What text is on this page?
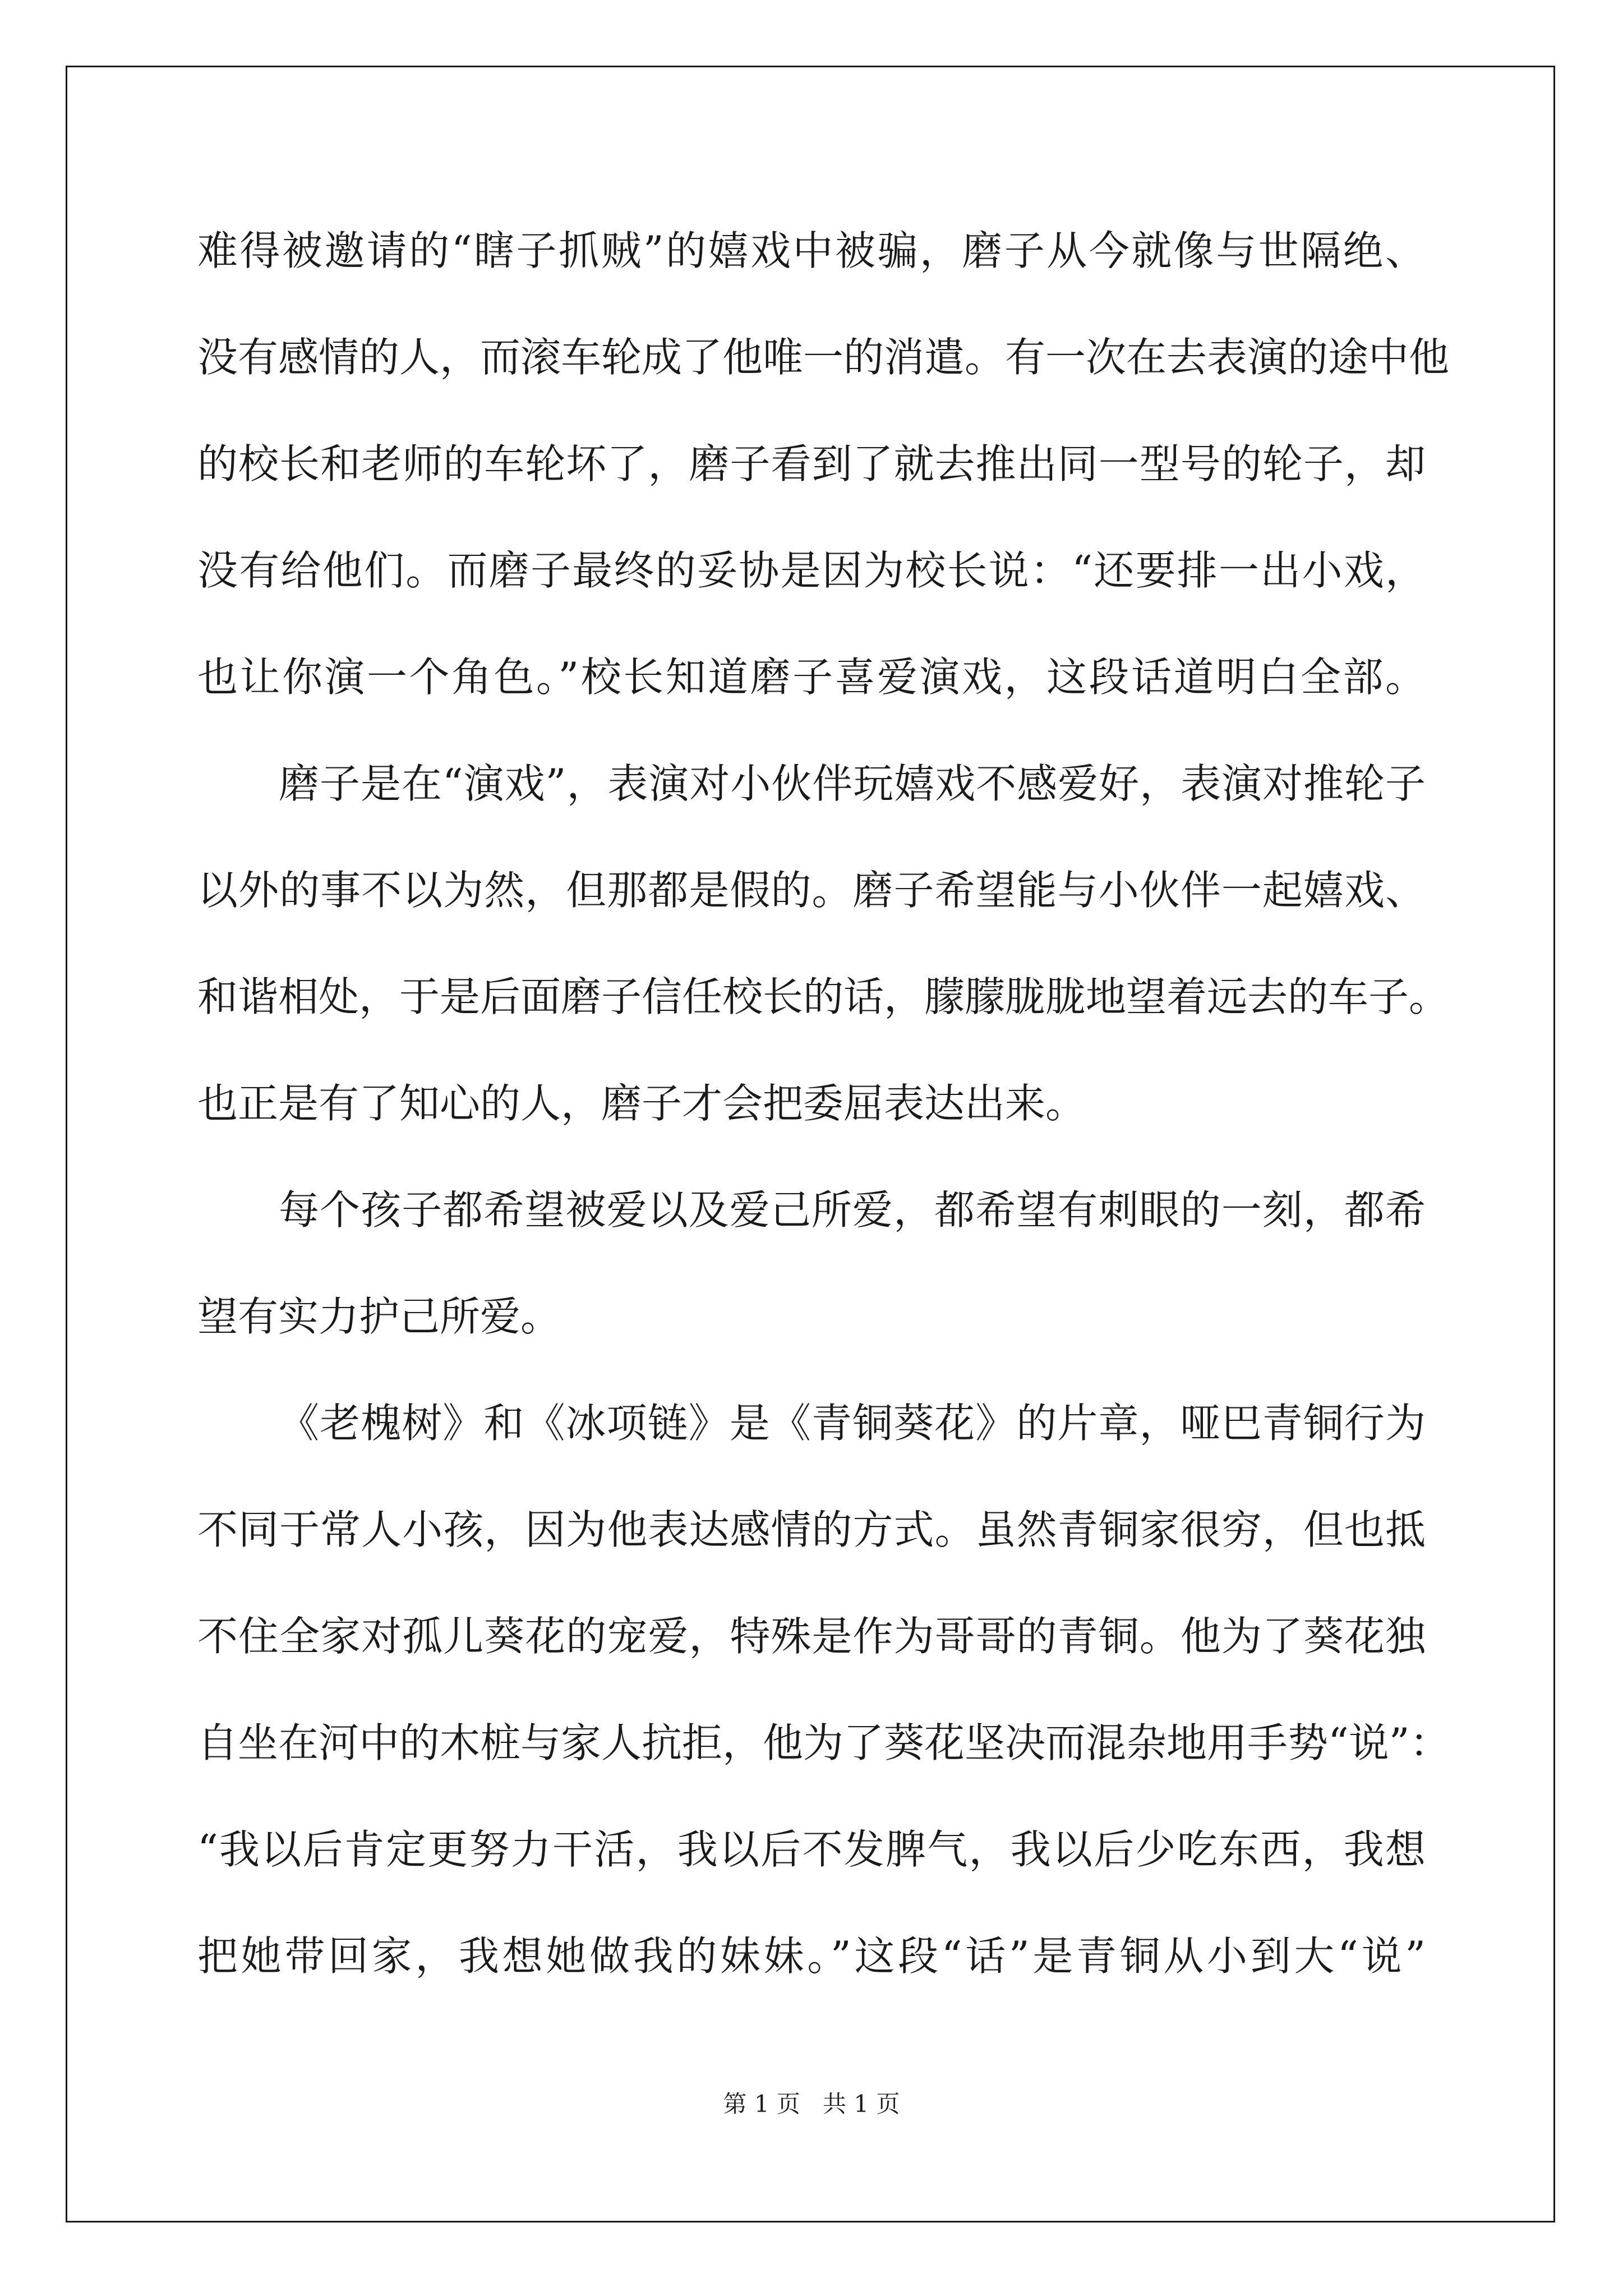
难得被邀请的“瞎子抓贼”的嬉戏中被骗，磨子从今就像与世隔绝、
没有感情的人，而滚车轮成了他唯一的消遣。有一次在去表演的途中他
的校长和老师的车轮坏了，磨子看到了就去推出同一型号的轮子，却
没有给他们。而磨子最终的妥协是因为校长说：“还要排一出小戏，
也让你演一个角色。”校长知道磨子喜爱演戏，这段话道明白全部。
磨子是在“演戏”，表演对小伙伴玩嬉戏不感爱好，表演对推轮子
以外的事不以为然，但那都是假的。磨子希望能与小伙伴一起嬉戏、
和谐相处，于是后面磨子信任校长的话，朦朦胧胧地望着远去的车子。
也正是有了知心的人，磨子才会把委屈表达出来。
每个孩子都希望被爱以及爱己所爱，都希望有刺眼的一刻，都希
望有实力护己所爱。
《老槐树》和《冰项链》是《青铜葵花》的片章，哑巴青铜行为
不同于常人小孩，因为他表达感情的方式。虽然青铜家很穷，但也抵
不住全家对孤儿葵花的宠爱，特殊是作为哥哥的青铜。他为了葵花独
自坐在河中的木桩与家人抗拒，他为了葵花坚决而混杂地用手势“说”：
“我以后肯定更努力干活，我以后不发脾气，我以后少吃东西，我想
把她带回家，我想她做我的妹妹。”这段“话”是青铜从小到大“说”
第 1 页   共 1 页
